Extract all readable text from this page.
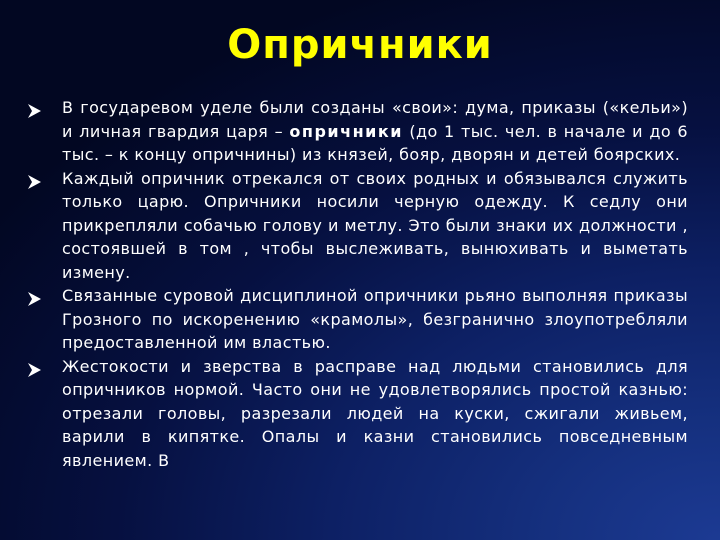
Опричники
В государевом уделе были созданы «свои»: дума, приказы («кельи») и личная гвардия царя – опричники (до 1 тыс. чел. в начале и до 6 тыс. – к концу опричнины) из князей, бояр, дворян и детей боярских.
Каждый опричник отрекался от своих родных и обязывался служить только царю. Опричники носили черную одежду. К седлу они прикрепляли собачью голову и метлу. Это были знаки их должности , состоявшей в том , чтобы выслеживать, вынюхивать и выметать измену.
Связанные суровой дисциплиной опричники рьяно выполняя приказы Грозного по искоренению «крамолы», безгранично злоупотребляли предоставленной им властью.
Жестокости и зверства в расправе над людьми становились для опричников нормой. Часто они не удовлетворялись простой казнью: отрезали головы, разрезали людей на куски, сжигали живьем, варили в кипятке. Опалы и казни становились повседневным явлением. В
